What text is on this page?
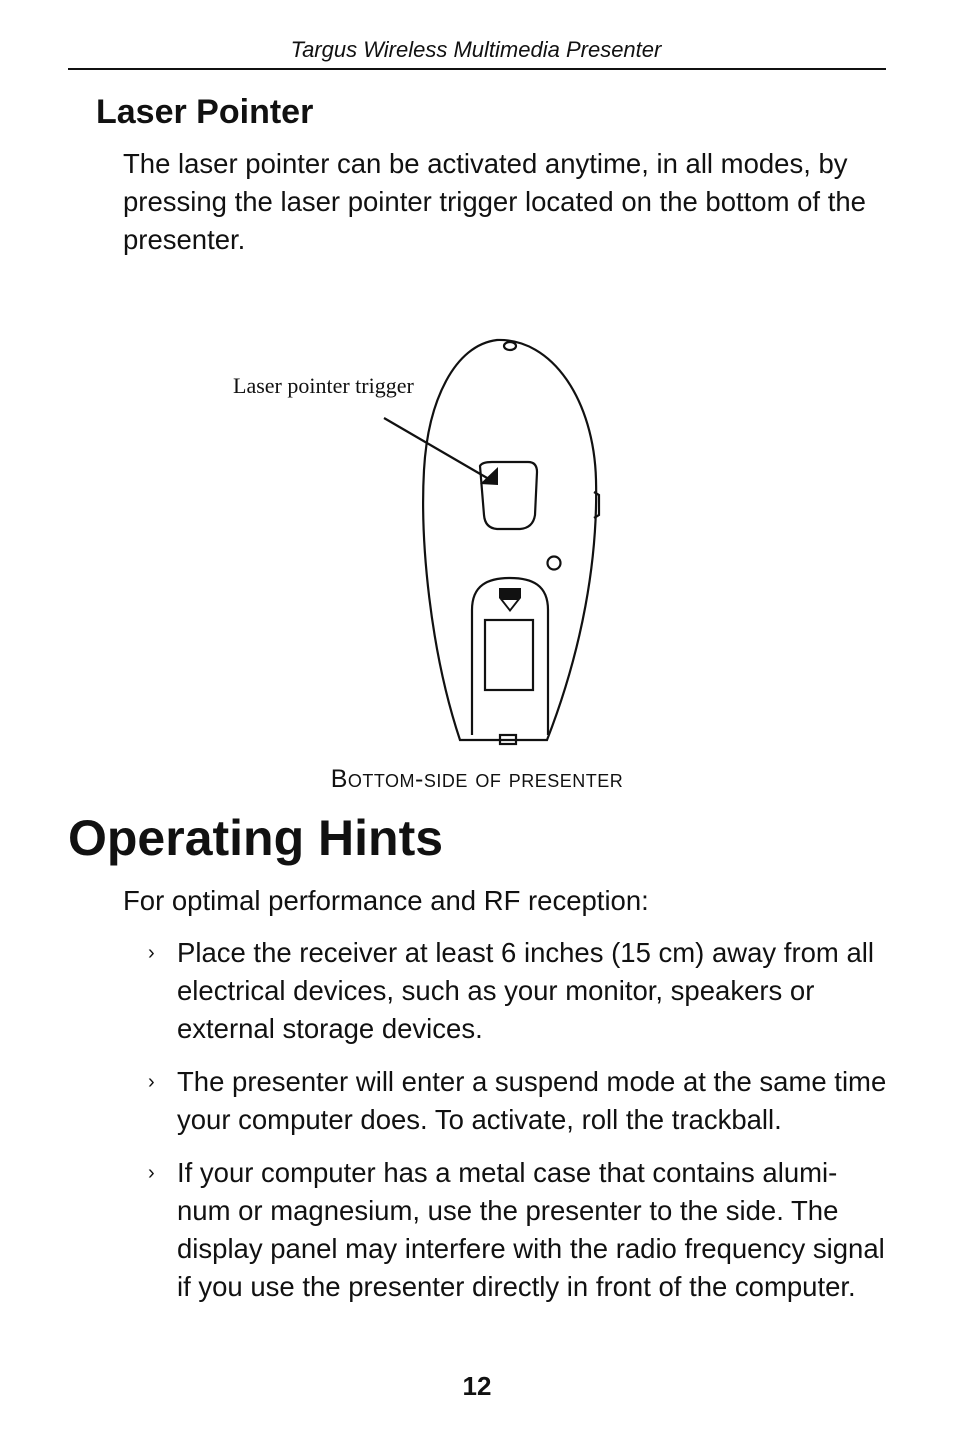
Targus Wireless Multimedia Presenter
Laser Pointer

The laser pointer can be activated anytime, in all modes, by pressing the laser pointer trigger located on the bottom of the presenter.

Laser pointer trigger
Bottom-side of presenter
Operating Hints

For optimal performance and RF reception:

› Place the receiver at least 6 inches (15 cm) away from all electrical devices, such as your monitor, speakers or external storage devices.
› The presenter will enter a suspend mode at the same time your computer does. To activate, roll the trackball.
› If your computer has a metal case that contains alumi- num or magnesium, use the presenter to the side. The display panel may interfere with the radio frequency signal if you use the presenter directly in front of the computer.
12
